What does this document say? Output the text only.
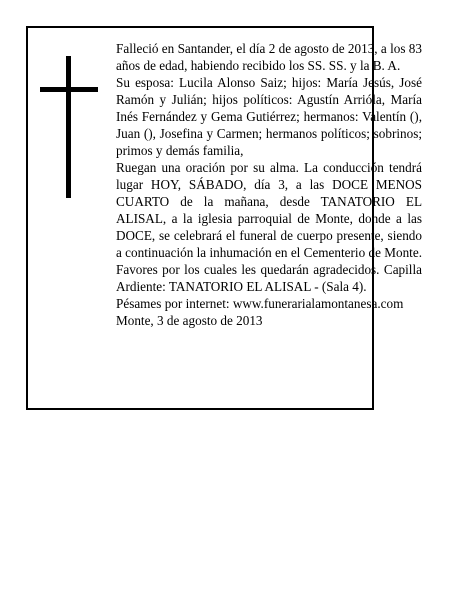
Falleció en Santander, el día 2 de agosto de 2013, a los 83 años de edad, habiendo recibido los SS. SS. y la B. A.

Su esposa: Lucila Alonso Saiz; hijos: María Jesús, José Ramón y Julián; hijos políticos: Agustín Arrióla, María Inés Fernández y Gema Gutiérrez; hermanos: Valentín (), Juan (), Josefina y Carmen; hermanos políticos; sobrinos; primos y demás familia,

Ruegan una oración por su alma. La conducción tendrá lugar HOY, SÁBADO, día 3, a las DOCE MENOS CUARTO de la mañana, desde TANATORIO EL ALISAL, a la iglesia parroquial de Monte, donde a las DOCE, se celebrará el funeral de cuerpo presente, siendo a continuación la inhumación en el Cementerio de Monte. Favores por los cuales les quedarán agradecidos. Capilla Ardiente: TANATORIO EL ALISAL - (Sala 4).

Pésames por internet: www.funerarialamontanesa.com

Monte, 3 de agosto de 2013
